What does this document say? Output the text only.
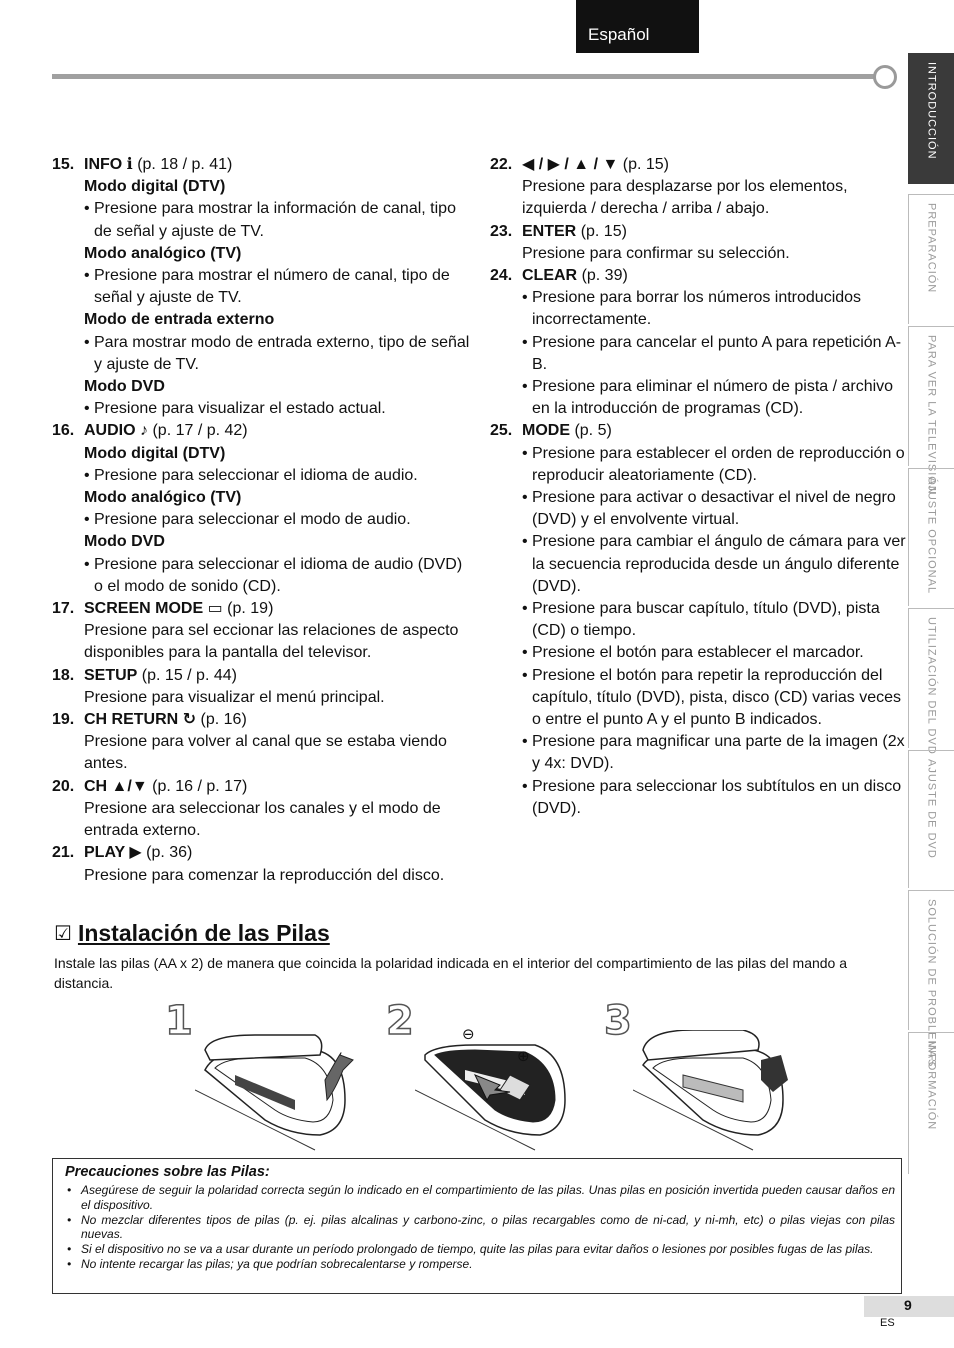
Español
INTRODUCCIÓN
PREPARACIÓN
PARA VER LA TELEVISIÓN
AJUSTE OPCIONAL
UTILIZACIÓN DEL DVD
AJUSTE DE DVD
SOLUCIÓN DE PROBLEMAS
INFORMACIÓN
15. INFO ℹ (p. 18 / p. 41)
Modo digital (DTV)
• Presione para mostrar la información de canal, tipo de señal y ajuste de TV.
Modo analógico (TV)
• Presione para mostrar el número de canal, tipo de señal y ajuste de TV.
Modo de entrada externo
• Para mostrar modo de entrada externo, tipo de señal y ajuste de TV.
Modo DVD
• Presione para visualizar el estado actual.
16. AUDIO ♪ (p. 17 / p. 42)
Modo digital (DTV)
• Presione para seleccionar el idioma de audio.
Modo analógico (TV)
• Presione para seleccionar el modo de audio.
Modo DVD
• Presione para seleccionar el idioma de audio (DVD) o el modo de sonido (CD).
17. SCREEN MODE ▭ (p. 19)
Presione para sel eccionar las relaciones de aspecto disponibles para la pantalla del televisor.
18. SETUP (p. 15 / p. 44)
Presione para visualizar el menú principal.
19. CH RETURN ↻ (p. 16)
Presione para volver al canal que se estaba viendo antes.
20. CH ▲/▼ (p. 16 / p. 17)
Presione ara seleccionar los canales y el modo de entrada externo.
21. PLAY ▶ (p. 36)
Presione para comenzar la reproducción del disco.
22. ◀ / ▶ / ▲ / ▼ (p. 15)
Presione para desplazarse por los elementos, izquierda / derecha / arriba / abajo.
23. ENTER (p. 15)
Presione para confirmar su selección.
24. CLEAR (p. 39)
• Presione para borrar los números introducidos incorrectamente.
• Presione para cancelar el punto A para repetición A-B.
• Presione para eliminar el número de pista / archivo en la introducción de programas (CD).
25. MODE (p. 5)
• Presione para establecer el orden de reproducción o reproducir aleatoriamente (CD).
• Presione para activar o desactivar el nivel de negro (DVD) y el envolvente virtual.
• Presione para cambiar el ángulo de cámara para ver la secuencia reproducida desde un ángulo diferente (DVD).
• Presione para buscar capítulo, título (DVD), pista (CD) o tiempo.
• Presione el botón para establecer el marcador.
• Presione el botón para repetir la reproducción del capítulo, título (DVD), pista, disco (CD) varias veces o entre el punto A y el punto B indicados.
• Presione para magnificar una parte de la imagen (2x y 4x: DVD).
• Presione para seleccionar los subtítulos en un disco (DVD).
☑ Instalación de las Pilas
Instale las pilas (AA x 2) de manera que coincida la polaridad indicada en el interior del compartimiento de las pilas del mando a distancia.
1	2	3
⊖
⊕
Precauciones sobre las Pilas:
• Asegúrese de seguir la polaridad correcta según lo indicado en el compartimiento de las pilas. Unas pilas en posición invertida pueden causar daños en el dispositivo.
• No mezclar diferentes tipos de pilas (p. ej. pilas alcalinas y carbono-zinc, o pilas recargables como de ni-cad, y ni-mh, etc) o pilas viejas con pilas nuevas.
• Si el dispositivo no se va a usar durante un período prolongado de tiempo, quite las pilas para evitar daños o lesiones por posibles fugas de las pilas.
• No intente recargar las pilas; ya que podrían sobrecalentarse y romperse.
9
ES
